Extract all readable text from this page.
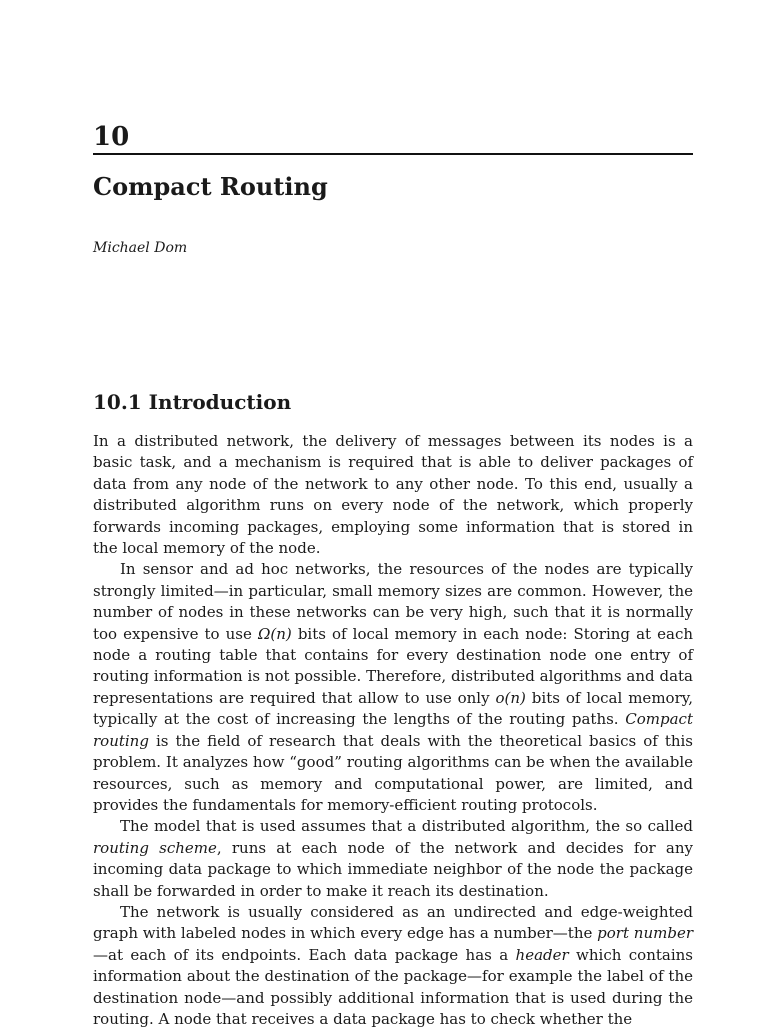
10
Compact Routing
Michael Dom
10.1 Introduction

In a distributed network, the delivery of messages between its nodes is a basic task, and a mechanism is required that is able to deliver packages of data from any node of the network to any other node. To this end, usually a distributed algorithm runs on every node of the network, which properly forwards incoming packages, employing some information that is stored in the local memory of the node.

In sensor and ad hoc networks, the resources of the nodes are typically strongly limited—in particular, small memory sizes are common. However, the number of nodes in these networks can be very high, such that it is normally too expensive to use Ω(n) bits of local memory in each node: Storing at each node a routing table that contains for every destination node one entry of routing information is not possible. Therefore, distributed algorithms and data representations are required that allow to use only o(n) bits of local memory, typically at the cost of increasing the lengths of the routing paths. Compact routing is the field of research that deals with the theoretical basics of this problem. It analyzes how “good” routing algorithms can be when the available resources, such as memory and computational power, are limited, and provides the fundamentals for memory-efficient routing protocols.

The model that is used assumes that a distributed algorithm, the so called routing scheme, runs at each node of the network and decides for any incoming data package to which immediate neighbor of the node the package shall be forwarded in order to make it reach its destination.

The network is usually considered as an undirected and edge-weighted graph with labeled nodes in which every edge has a number—the port number—at each of its endpoints. Each data package has a header which contains information about the destination of the package—for example the label of the destination node—and possibly additional information that is used during the routing. A node that receives a data package has to check whether the
